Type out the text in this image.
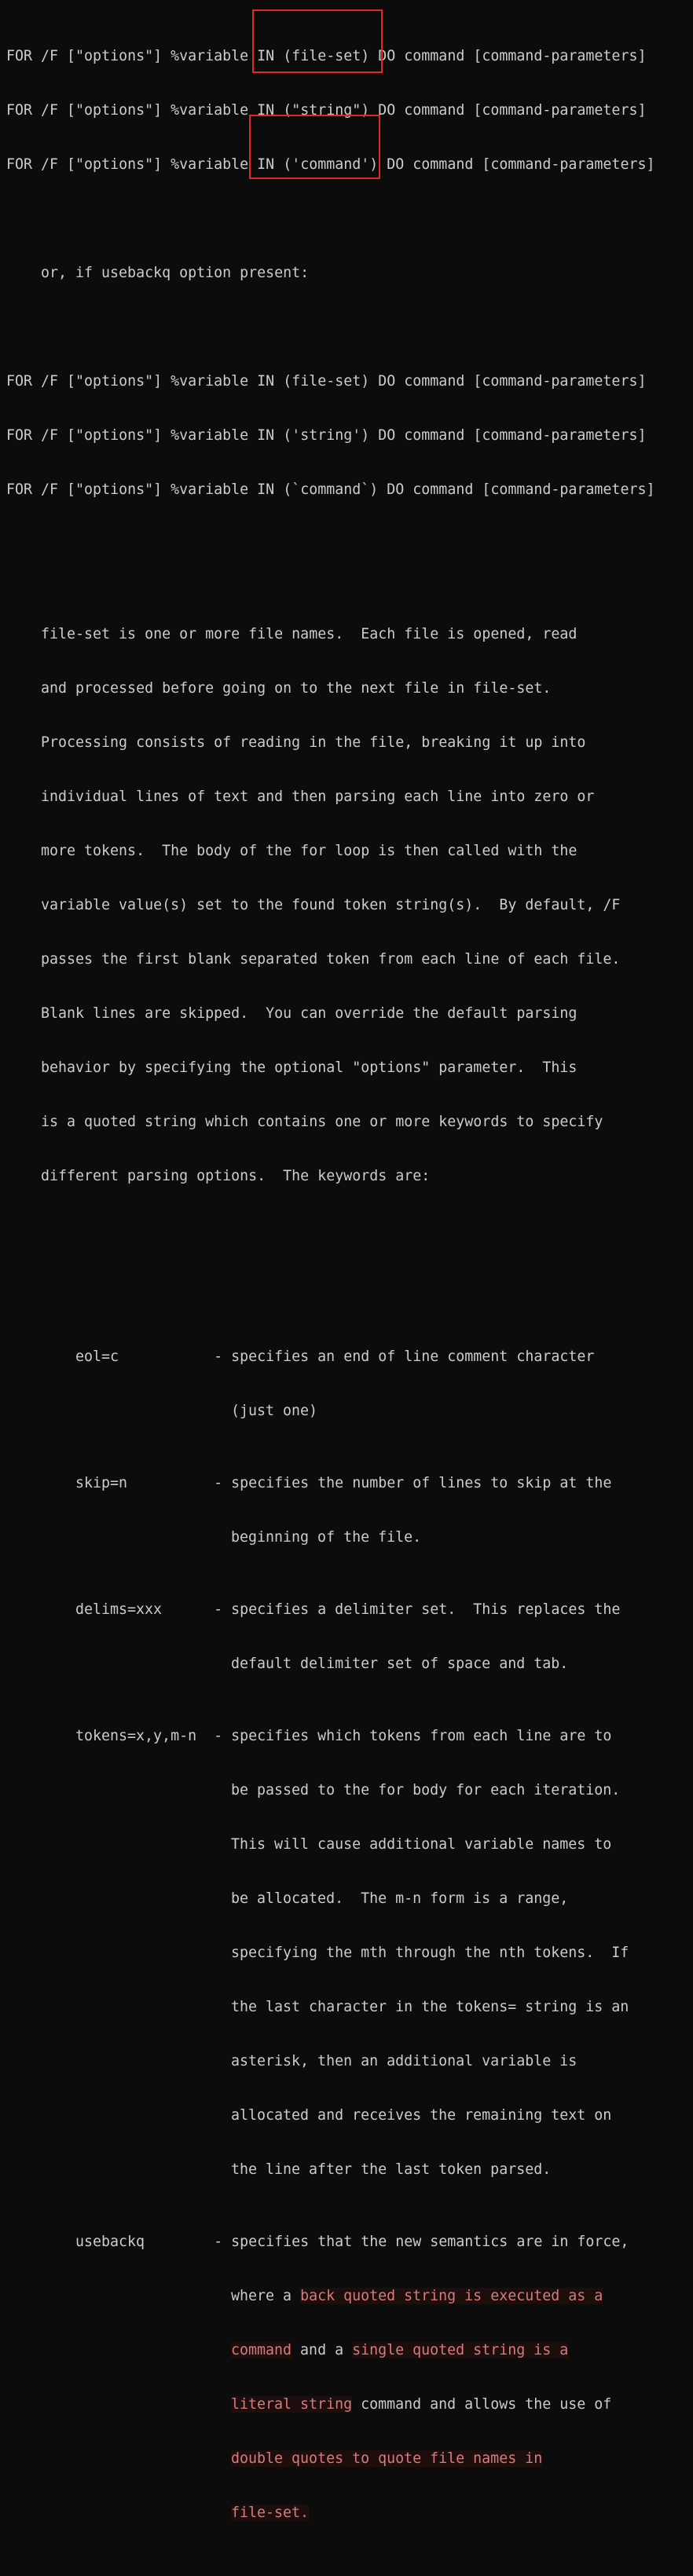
FOR /F ["options"] %variable IN (file-set) DO command [command-parameters]

FOR /F ["options"] %variable IN ("string") DO command [command-parameters]

FOR /F ["options"] %variable IN ('command') DO command [command-parameters]

or, if usebackq option present:

FOR /F ["options"] %variable IN (file-set) DO command [command-parameters]

FOR /F ["options"] %variable IN ('string') DO command [command-parameters]

FOR /F ["options"] %variable IN (`command`) DO command [command-parameters]

file-set is one or more file names.  Each file is opened, read

and processed before going on to the next file in file-set.

Processing consists of reading in the file, breaking it up into

individual lines of text and then parsing each line into zero or

more tokens.  The body of the for loop is then called with the

variable value(s) set to the found token string(s).  By default, /F

passes the first blank separated token from each line of each file.

Blank lines are skipped.  You can override the default parsing

behavior by specifying the optional "options" parameter.  This

is a quoted string which contains one or more keywords to specify

different parsing options.  The keywords are:

eol=c           - specifies an end of line comment character

(just one)

skip=n          - specifies the number of lines to skip at the

beginning of the file.

delims=xxx      - specifies a delimiter set.  This replaces the

default delimiter set of space and tab.

tokens=x,y,m-n  - specifies which tokens from each line are to

be passed to the for body for each iteration.

This will cause additional variable names to

be allocated.  The m-n form is a range,

specifying the mth through the nth tokens.  If

the last character in the tokens= string is an

asterisk, then an additional variable is

allocated and receives the remaining text on

the line after the last token parsed.

usebackq        - specifies that the new semantics are in force,

where a back quoted string is executed as a

command and a single quoted string is a

literal string command and allows the use of

double quotes to quote file names in

file-set.
